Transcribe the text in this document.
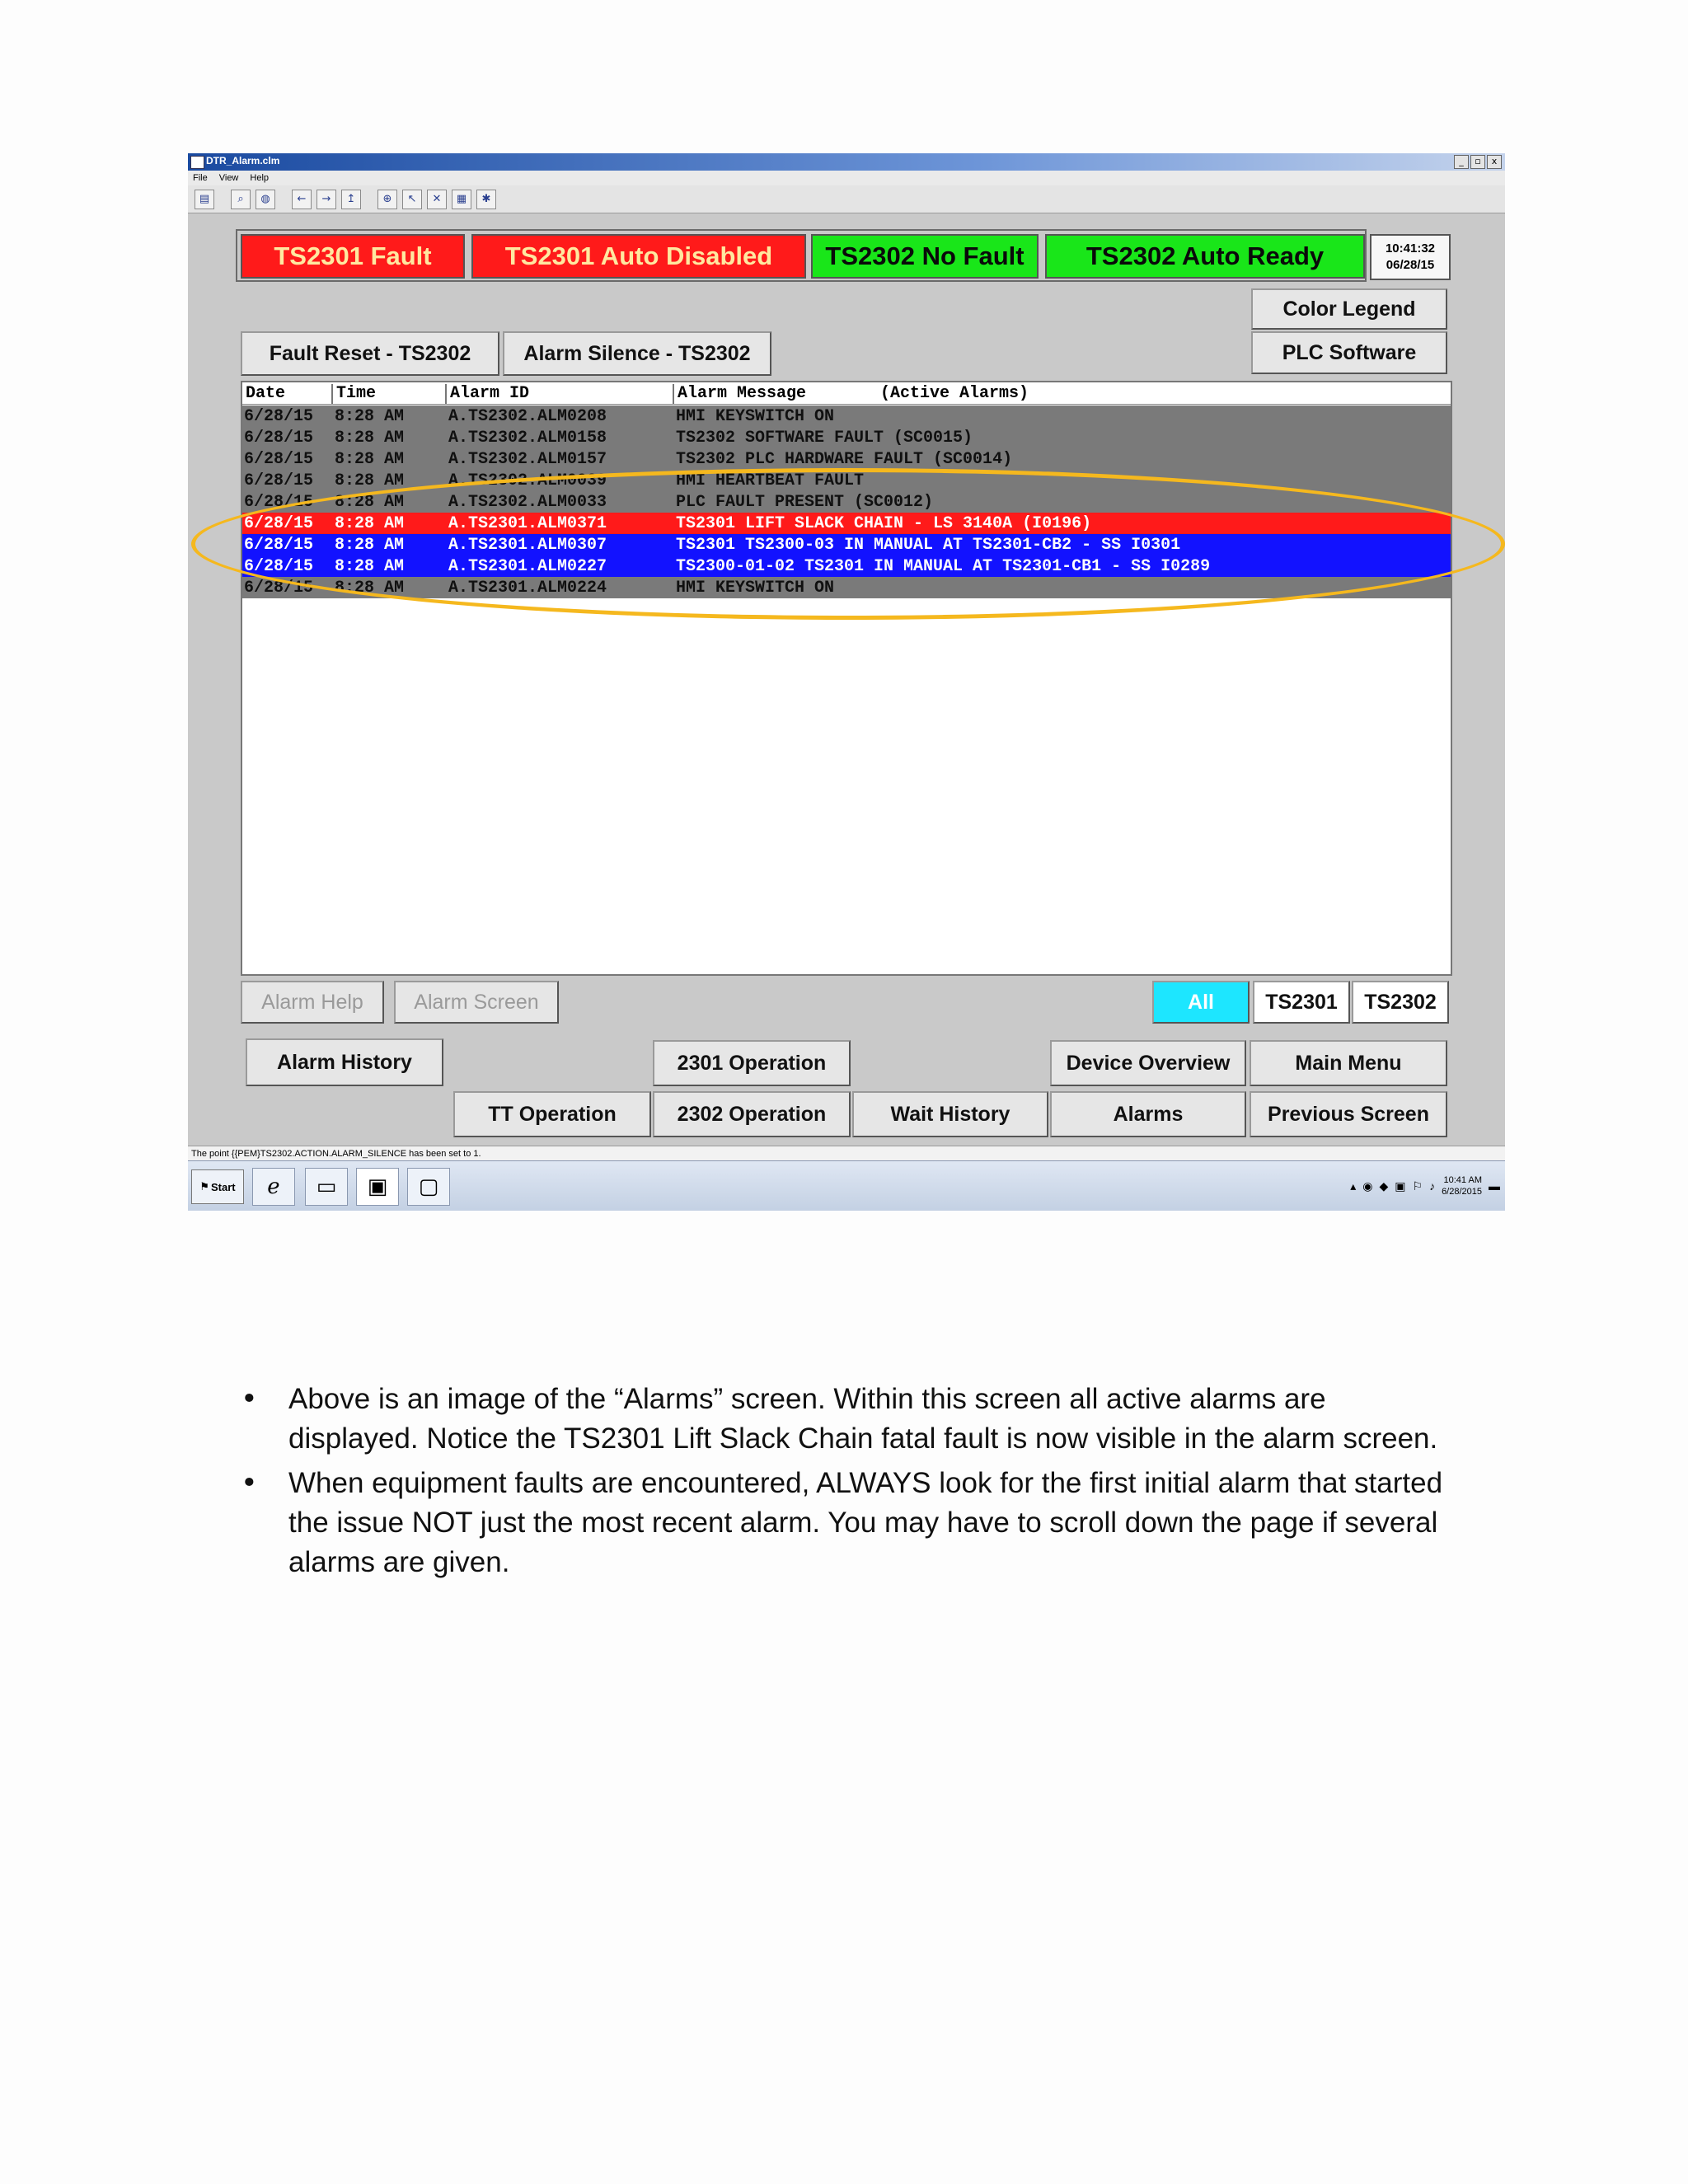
DTR_Alarm.clm	_	▫	x
File View Help
▤	⌕	◍	←	→	↥	⊕	↖	✕	▦	✱
TS2301 Fault	TS2301 Auto Disabled	TS2302 No Fault	TS2302 Auto Ready	10:41:32
06/28/15
Color Legend
PLC Software
Fault Reset - TS2302	Alarm Silence - TS2302
Date	Time	Alarm ID	Alarm Message	(Active Alarms)
6/28/15 8:28 AM	A.TS2302.ALM0208	HMI KEYSWITCH ON
6/28/15 8:28 AM	A.TS2302.ALM0158	TS2302 SOFTWARE FAULT (SC0015)
6/28/15 8:28 AM	A.TS2302.ALM0157	TS2302 PLC HARDWARE FAULT (SC0014)
6/28/15 8:28 AM	A.TS2302.ALM0039	HMI HEARTBEAT FAULT
6/28/15 8:28 AM	A.TS2302.ALM0033	PLC FAULT PRESENT (SC0012)
6/28/15 8:28 AM	A.TS2301.ALM0371	TS2301 LIFT SLACK CHAIN - LS 3140A (I0196)
6/28/15 8:28 AM	A.TS2301.ALM0307	TS2301 TS2300-03 IN MANUAL AT TS2301-CB2 - SS I0301
6/28/15 8:28 AM	A.TS2301.ALM0227	TS2300-01-02 TS2301 IN MANUAL AT TS2301-CB1 - SS I0289
6/28/15 8:28 AM	A.TS2301.ALM0224	HMI KEYSWITCH ON
Alarm Help	Alarm Screen	All	TS2301	TS2302
Alarm History	2301 Operation	Device Overview	Main Menu
TT Operation	2302 Operation	Wait History	Alarms	Previous Screen
The point {{PEM}TS2302.ACTION.ALARM_SILENCE has been set to 1.
⚑ Start	ℯ	▭	▣	▢	▴ ◉ ◆ ▣ ⚐ ♪ 10:41 AM
6/28/2015 ▬
• Above is an image of the “Alarms” screen. Within this screen all active alarms are displayed. Notice the TS2301 Lift Slack Chain fatal fault is now visible in the alarm screen.
• When equipment faults are encountered, ALWAYS look for the first initial alarm that started the issue NOT just the most recent alarm. You may have to scroll down the page if several alarms are given.
